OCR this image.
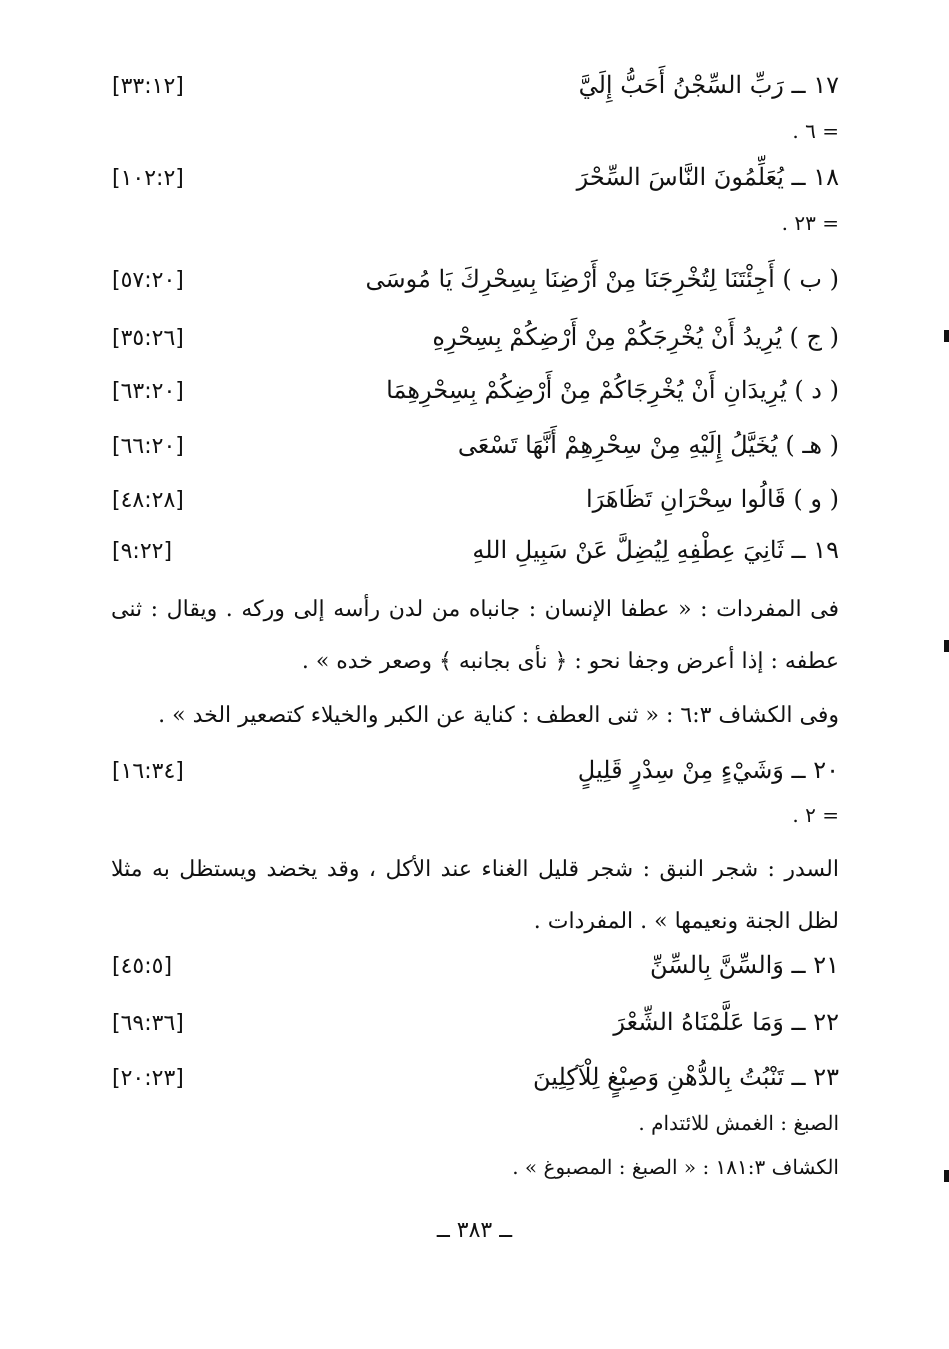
١٧ ــ رَبِّ السِّجْنُ أَحَبُّ إِلَيَّ
[٣٣:١٢]
= ٦ .
١٨ ــ يُعَلِّمُونَ النَّاسَ السِّحْرَ
[١٠٢:٢]
= ٢٣ .
( ب ) أَجِئْتَنَا لِتُخْرِجَنَا مِنْ أَرْضِنَا بِسِحْرِكَ يَا مُوسَى
[٥٧:٢٠]
( ج ) يُرِيدُ أَنْ يُخْرِجَكُمْ مِنْ أَرْضِكُمْ بِسِحْرِهِ
[٣٥:٢٦]
( د ) يُرِيدَانِ أَنْ يُخْرِجَاكُمْ مِنْ أَرْضِكُمْ بِسِحْرِهِمَا
[٦٣:٢٠]
( هـ ) يُخَيَّلُ إِلَيْهِ مِنْ سِحْرِهِمْ أَنَّهَا تَسْعَى
[٦٦:٢٠]
( و ) قَالُوا سِحْرَانِ تَظَاهَرَا
[٤٨:٢٨]
١٩ ــ ثَانِيَ عِطْفِهِ لِيُضِلَّ عَنْ سَبِيلِ اللهِ
[٩:٢٢]
فى المفردات : « عطفا الإنسان : جانباه من لدن رأسه إلى وركه . ويقال : ثنى عطفه : إذا أعرض وجفا نحو : ﴿ نأى بجانبه ﴾ وصعر خده » .
وفى الكشاف ٦:٣ : « ثنى العطف : كناية عن الكبر والخيلاء كتصعير الخد » .
٢٠ ــ وَشَيْءٍ مِنْ سِدْرٍ قَلِيلٍ
[١٦:٣٤]
= ٢ .
السدر : شجر النبق : شجر قليل الغناء عند الأكل ، وقد يخضد ويستظل به مثلا لظل الجنة ونعيمها » . المفردات .
٢١ ــ وَالسِّنَّ بِالسِّنِّ
[٤٥:٥]
٢٢ ــ وَمَا عَلَّمْنَاهُ الشِّعْرَ
[٦٩:٣٦]
٢٣ ــ تَنْبُتُ بِالدُّهْنِ وَصِبْغٍ لِلْآكِلِينَ
[٢٠:٢٣]
الصبغ : الغمش للائتدام .
الكشاف ١٨١:٣ : « الصبغ : المصبوغ » .
ــ ٣٨٣ ــ
